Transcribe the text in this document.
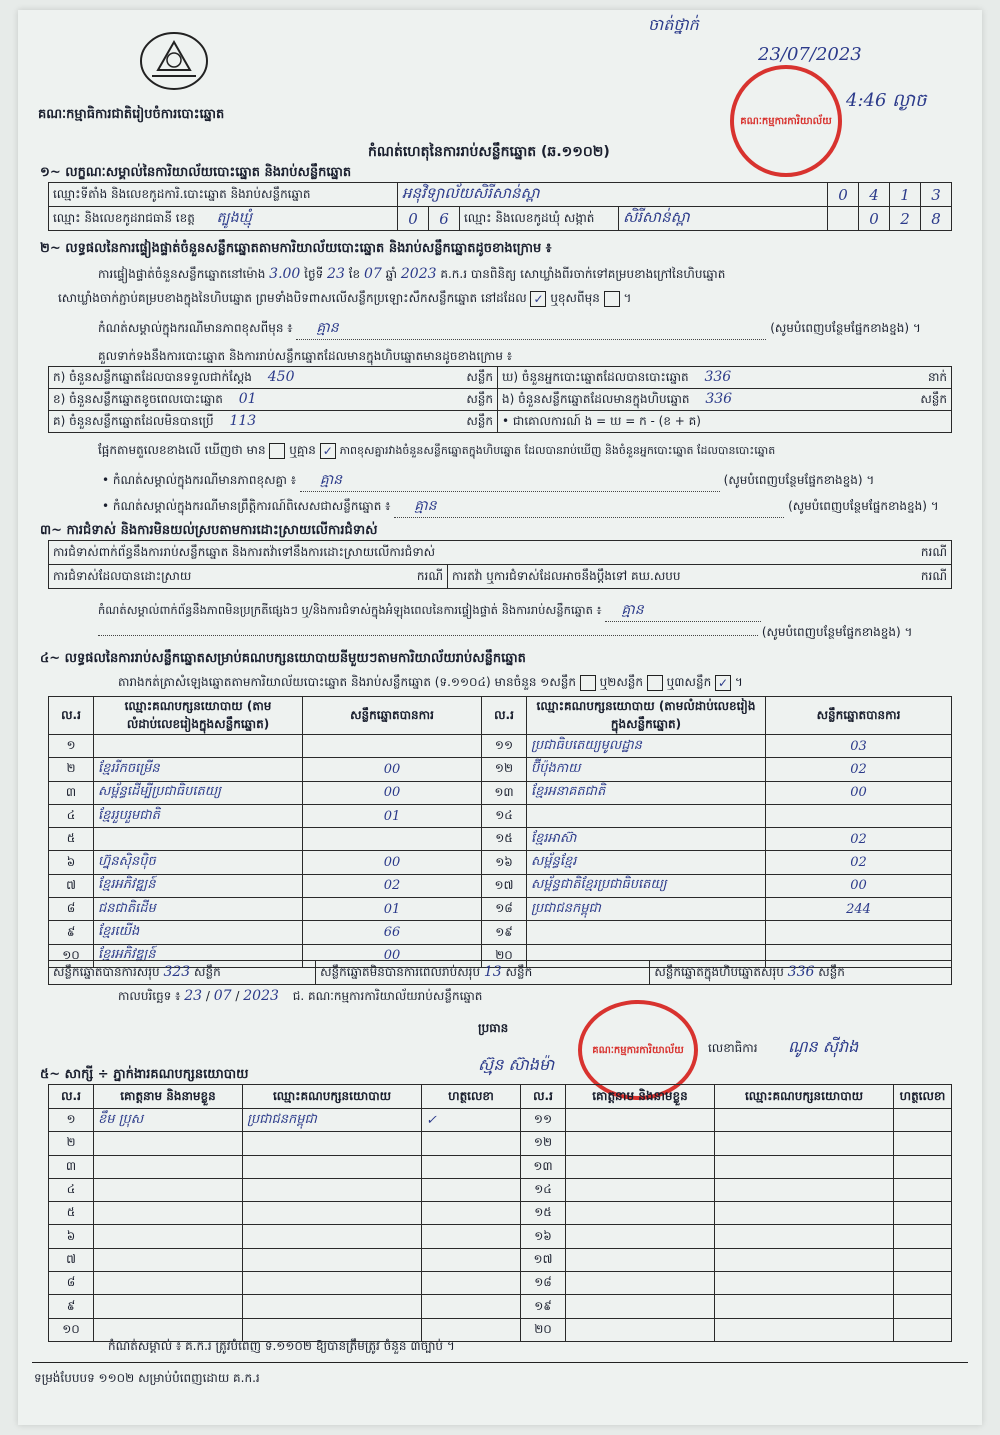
ចាត់ថ្នាក់
23/07/2023
4:46 ល្ងាច
គណៈកម្មការការិយាល័យ
គណៈកម្មាធិការជាតិរៀបចំការបោះឆ្នោត
កំណត់ហេតុនៃការរាប់សន្លឹកឆ្នោត (ឆ.១១០២)
១~ លក្ខណៈសម្គាល់នៃការិយាល័យបោះឆ្នោត និងរាប់សន្លឹកឆ្នោត
ឈ្មោះទីតាំង និងលេខកូដការិ.បោះឆ្នោត និងរាប់សន្លឹកឆ្នោត	អនុវិទ្យាល័យសិរីសាន់ស្ពា				0	4	1	3
ឈ្មោះ និងលេខកូដរាជធានី ខេត្ត ត្បូងឃ្មុំ	0	6	ឈ្មោះ និងលេខកូដឃុំ សង្កាត់	សិរីសាន់ស្ពា		0	2	8
២~ លទ្ធផលនៃការផ្ទៀងផ្ទាត់ចំនួនសន្លឹកឆ្នោតតាមការិយាល័យបោះឆ្នោត និងរាប់សន្លឹកឆ្នោតដូចខាងក្រោម ៖
ការផ្ទៀងផ្ទាត់ចំនួនសន្លឹកឆ្នោតនៅម៉ោង 3.00 ថ្ងៃទី 23 ខែ 07 ឆ្នាំ 2023 គ.ក.រ បានពិនិត្យ សោឃ្លាំងពីរចាក់ទៅគម្របខាងក្រៅនៃហិបឆ្នោត
សោឃ្លាំងចាក់ភ្ជាប់គម្របខាងក្នុងនៃហិបឆ្នោត ព្រមទាំងបិទពាសលើសន្លឹកប្រឡោះសឹកសន្លឹកឆ្នោត នៅដដែល ✓ ឬខុសពីមុន  ។
កំណត់សម្គាល់ក្នុងករណីមានភាពខុសពីមុន ៖ គ្មាន	(សូមបំពេញបន្ថែមផ្នែកខាងខ្នង) ។
គួលទាក់ទងនឹងការបោះឆ្នោត និងការរាប់សន្លឹកឆ្នោតដែលមានក្នុងហិបឆ្នោតមានដូចខាងក្រោម ៖
ក) ចំនួនសន្លឹកឆ្នោតដែលបានទទួលជាក់ស្តែង 450 សន្លឹក	ឃ) ចំនួនអ្នកបោះឆ្នោតដែលបានបោះឆ្នោត 336 នាក់

ខ) ចំនួនសន្លឹកឆ្នោតខូចពេលបោះឆ្នោត 01 សន្លឹក	ង) ចំនួនសន្លឹកឆ្នោតដែលមានក្នុងហិបឆ្នោត 336 សន្លឹក

គ) ចំនួនសន្លឹកឆ្នោតដែលមិនបានប្រើ 113 សន្លឹក	• ជាគោលការណ៍ ង = ឃ = ក - (ខ + គ)
ផ្អែកតាមតួលេខខាងលើ ឃើញថា មាន ឬគ្មាន ✓ ភាពខុសគ្នារវាងចំនួនសន្លឹកឆ្នោតក្នុងហិបឆ្នោត ដែលបានរាប់ឃើញ និងចំនួនអ្នកបោះឆ្នោត ដែលបានបោះឆ្នោត
• កំណត់សម្គាល់ក្នុងករណីមានភាពខុសគ្នា ៖ គ្មាន	(សូមបំពេញបន្ថែមផ្នែកខាងខ្នង) ។
• កំណត់សម្គាល់ក្នុងករណីមានព្រឹត្តិការណ៍ពិសេសជាសន្លឹកឆ្នោត ៖ គ្មាន	(សូមបំពេញបន្ថែមផ្នែកខាងខ្នង) ។
៣~ ការជំទាស់ និងការមិនយល់ស្របតាមការដោះស្រាយលើការជំទាស់
ការជំទាស់ពាក់ព័ន្ធនឹងការរាប់សន្លឹកឆ្នោត និងការតវ៉ាទៅនឹងការដោះស្រាយលើការជំទាស់	ករណី

ការជំទាស់ដែលបានដោះស្រាយ	ករណី	ការតវ៉ា ឬការជំទាស់ដែលអាចនឹងប្តឹងទៅ គឃ.សបប	ករណី
កំណត់សម្គាល់ពាក់ព័ន្ធនឹងភាពមិនប្រក្រតីផ្សេងៗ ឬ/និងការជំទាស់ក្នុងអំឡុងពេលនៃការផ្ទៀងផ្ទាត់ និងការរាប់សន្លឹកឆ្នោត ៖ គ្មាន
(សូមបំពេញបន្ថែមផ្នែកខាងខ្នង) ។
៤~ លទ្ធផលនៃការរាប់សន្លឹកឆ្នោតសម្រាប់គណបក្សនយោបាយនីមួយៗតាមការិយាល័យរាប់សន្លឹកឆ្នោត
តារាងកត់ត្រាសំឡេងឆ្នោតតាមការិយាល័យបោះឆ្នោត និងរាប់សន្លឹកឆ្នោត (ទ.១១០៤) មានចំនួន ១សន្លឹក ឬ២សន្លឹក ឬ៣សន្លឹក ✓ ។
ល.រ	ឈ្មោះគណបក្សនយោបាយ (តាមលំដាប់លេខរៀងក្នុងសន្លឹកឆ្នោត)	សន្លឹកឆ្នោតបានការ	ល.រ	ឈ្មោះគណបក្សនយោបាយ (តាមលំដាប់លេខរៀងក្នុងសន្លឹកឆ្នោត)	សន្លឹកឆ្នោតបានការ
១			១១	ប្រជាធិបតេយ្យមូលដ្ឋាន	03
២	ខ្មែររីកចម្រើន	00	១២	ប៊ីប៉ុងកាយ	02
៣	សម្ព័ន្ធដើម្បីប្រជាធិបតេយ្យ	00	១៣	ខ្មែរអនាគតជាតិ	00
៤	ខ្មែររួបរួមជាតិ	01	១៤		
៥			១៥	ខ្មែរអាស៊ា	02
៦	ហ្វ៊ុនស៊ិនប៉ិច	00	១៦	សម្ព័ន្ធខ្មែរ	02
៧	ខ្មែរអភិវឌ្ឍន៍	02	១៧	សម្ព័ន្ធជាតិខ្មែរប្រជាធិបតេយ្យ	00
៨	ជនជាតិដើម	01	១៨	ប្រជាជនកម្ពុជា	244
៩	ខ្មែរយើង	66	១៩		
១០	ខ្មែរអភិវឌ្ឍន៍	00	២០		
សន្លឹកឆ្នោតបានការសរុប 323 សន្លឹក	សន្លឹកឆ្នោតមិនបានការពេលរាប់សរុប 13 សន្លឹក	សន្លឹកឆ្នោតក្នុងហិបឆ្នោតសរុប 336 សន្លឹក
កាលបរិច្ឆេទ ៖ 23 / 07 / 2023 ជ. គណៈកម្មការការិយាល័យរាប់សន្លឹកឆ្នោត
ប្រធាន
ស្ម៊ុន ស៊ាងម៉ា
គណៈកម្មការការិយាល័យ លេខាធិការ ណូន ស៊ីវាង
៥~ សាក្សី ÷ ភ្នាក់ងារគណបក្សនយោបាយ
ល.រ	គោត្តនាម និងនាមខ្លួន	ឈ្មោះគណបក្សនយោបាយ	ហត្ថលេខា	ល.រ	គោត្តនាម និងនាមខ្លួន	ឈ្មោះគណបក្សនយោបាយ	ហត្ថលេខា
១	ខឹម ប្រុស	ប្រជាជនកម្ពុជា	✓	១១			
២				១២			
៣				១៣			
៤				១៤			
៥				១៥			
៦				១៦			
៧				១៧			
៨				១៨			
៩				១៩			
១០				២០			
កំណត់សម្គាល់ ៖ គ.ក.រ ត្រូវបំពេញ ទ.១១០២ ឱ្យបានត្រឹមត្រូវ ចំនួន ៣ច្បាប់ ។
ទម្រង់បែបបទ ១១០២ សម្រាប់បំពេញដោយ គ.ក.រ
